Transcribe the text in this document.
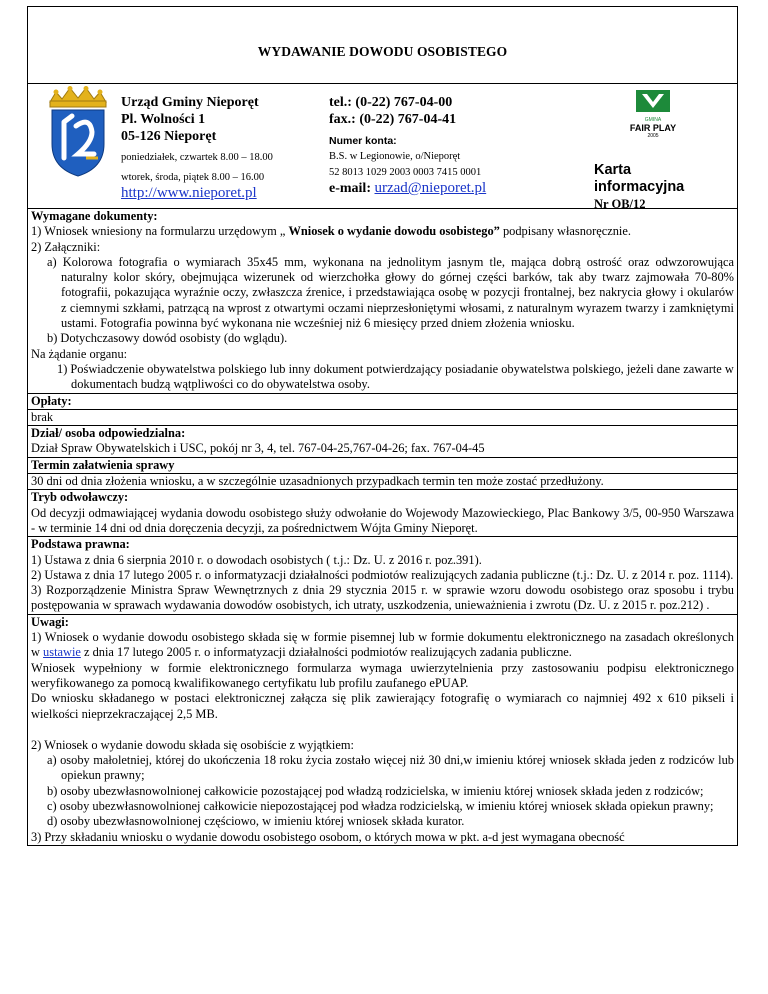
WYDAWANIE DOWODU OSOBISTEGO
Urząd Gminy Nieporęt
Pl. Wolności 1
05-126 Nieporęt
poniedziałek, czwartek 8.00 – 18.00
wtorek, środa, piątek 8.00 – 16.00
http://www.nieporet.pl
tel.: (0-22) 767-04-00
fax.: (0-22) 767-04-41
Numer konta:
B.S. w Legionowie, o/Nieporęt
52 8013 1029 2003 0003 7415 0001
e-mail: urzad@nieporet.pl
GMINA
FAIR PLAY
2005
Karta
informacyjna
Nr OB/12
Wymagane dokumenty:
1) Wniosek wniesiony na formularzu urzędowym „ Wniosek o wydanie dowodu osobistego” podpisany własnoręcznie.
2) Załączniki:
a) Kolorowa fotografia o wymiarach 35x45 mm, wykonana na jednolitym jasnym tle, mająca dobrą ostrość oraz odwzorowująca naturalny kolor skóry, obejmująca wizerunek od wierzchołka głowy do górnej części barków, tak aby twarz zajmowała 70-80% fotografii, pokazująca wyraźnie oczy, zwłaszcza źrenice, i przedstawiająca osobę w pozycji frontalnej, bez nakrycia głowy i okularów z ciemnymi szkłami, patrzącą na wprost z otwartymi oczami nieprzesłoniętymi włosami, z naturalnym wyrazem twarzy i zamkniętymi ustami. Fotografia powinna być wykonana nie wcześniej niż 6 miesięcy przed dniem złożenia wniosku.
b) Dotychczasowy dowód osobisty (do wglądu).
Na żądanie organu:
1) Poświadczenie obywatelstwa polskiego lub inny dokument potwierdzający posiadanie obywatelstwa polskiego, jeżeli dane zawarte w dokumentach budzą wątpliwości co do obywatelstwa osoby.
Opłaty:
brak
Dział/ osoba odpowiedzialna:
Dział Spraw Obywatelskich i USC, pokój nr 3, 4, tel. 767-04-25,767-04-26; fax. 767-04-45
Termin załatwienia sprawy
30 dni od dnia złożenia wniosku, a w szczególnie uzasadnionych przypadkach termin ten może zostać przedłużony.
Tryb odwoławczy:
Od decyzji odmawiającej wydania dowodu osobistego służy odwołanie do Wojewody Mazowieckiego, Plac Bankowy 3/5, 00-950 Warszawa - w terminie 14 dni od dnia doręczenia decyzji, za pośrednictwem Wójta Gminy Nieporęt.
Podstawa prawna:
1) Ustawa z dnia 6 sierpnia 2010 r. o dowodach osobistych ( t.j.: Dz. U. z 2016 r. poz.391).
2) Ustawa z dnia 17 lutego 2005 r. o informatyzacji działalności podmiotów realizujących zadania publiczne (t.j.: Dz. U. z 2014 r. poz. 1114).
3) Rozporządzenie Ministra Spraw Wewnętrznych z dnia 29 stycznia 2015 r. w sprawie wzoru dowodu osobistego oraz sposobu i trybu postępowania w sprawach wydawania dowodów osobistych, ich utraty, uszkodzenia, unieważnienia i zwrotu (Dz. U. z 2015 r. poz.212) .
Uwagi:
1) Wniosek o wydanie dowodu osobistego składa się w formie pisemnej lub w formie dokumentu elektronicznego na zasadach określonych w ustawie z dnia 17 lutego 2005 r. o informatyzacji działalności podmiotów realizujących zadania publiczne.
Wniosek wypełniony w formie elektronicznego formularza wymaga uwierzytelnienia przy zastosowaniu podpisu elektronicznego weryfikowanego za pomocą kwalifikowanego certyfikatu lub profilu zaufanego ePUAP.
Do wniosku składanego w postaci elektronicznej załącza się plik zawierający fotografię o wymiarach co najmniej 492 x 610 pikseli i wielkości nieprzekraczającej 2,5 MB.
2) Wniosek o wydanie dowodu składa się osobiście z wyjątkiem:
a) osoby małoletniej, której do ukończenia 18 roku życia zostało więcej niż 30 dni,w imieniu której wniosek składa jeden z rodziców lub opiekun prawny;
b) osoby ubezwłasnowolnionej całkowicie pozostającej pod władzą rodzicielska, w imieniu której wniosek składa jeden z rodziców;
c) osoby ubezwłasnowolnionej całkowicie niepozostającej pod władza rodzicielską, w imieniu której wniosek składa opiekun prawny;
d) osoby ubezwłasnowolnionej częściowo, w imieniu której wniosek składa kurator.
3) Przy składaniu wniosku o wydanie dowodu osobistego osobom, o których mowa w pkt. a-d jest wymagana obecność
